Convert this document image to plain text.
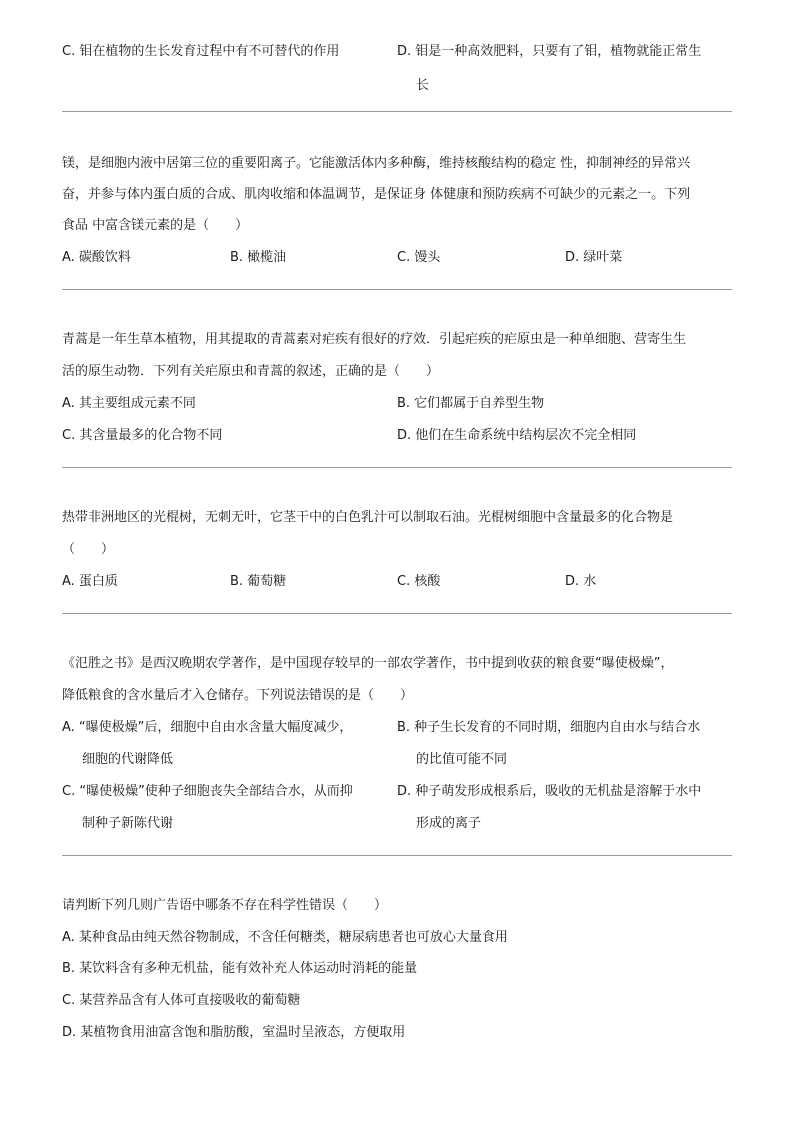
C. 钼在植物的生长发育过程中有不可替代的作用	D. 钼是一种高效肥料，只要有了钼，植物就能正常生
长
镁，是细胞内液中居第三位的重要阳离子。它能激活体内多种酶，维持核酸结构的稳定 性，抑制神经的异常兴
奋，并参与体内蛋白质的合成、肌肉收缩和体温调节，是保证身 体健康和预防疾病不可缺少的元素之一。下列
食品 中富含镁元素的是（　　）
A. 碳酸饮料	B. 橄榄油	C. 馒头	D. 绿叶菜
青蒿是一年生草本植物，用其提取的青蒿素对疟疾有很好的疗效．引起疟疾的疟原虫是一种单细胞、营寄生生
活的原生动物．下列有关疟原虫和青蒿的叙述，正确的是（　　）
A. 其主要组成元素不同	B. 它们都属于自养型生物
C. 其含量最多的化合物不同	D. 他们在生命系统中结构层次不完全相同
热带非洲地区的光棍树，无刺无叶，它茎干中的白色乳汁可以制取石油。光棍树细胞中含量最多的化合物是
（　　）
A. 蛋白质	B. 葡萄糖	C. 核酸	D. 水
《氾胜之书》是西汉晚期农学著作，是中国现存较早的一部农学著作，书中提到收获的粮食要“曝使极燥”，
降低粮食的含水量后才入仓储存。下列说法错误的是（　　）
A. “曝使极燥”后，细胞中自由水含量大幅度减少，
细胞的代谢降低
B. 种子生长发育的不同时期，细胞内自由水与结合水
的比值可能不同
C. “曝使极燥”使种子细胞丧失全部结合水，从而抑
制种子新陈代谢
D. 种子萌发形成根系后，吸收的无机盐是溶解于水中
形成的离子
请判断下列几则广告语中哪条不存在科学性错误（　　）
A. 某种食品由纯天然谷物制成，不含任何糖类，糖尿病患者也可放心大量食用
B. 某饮料含有多种无机盐，能有效补充人体运动时消耗的能量
C. 某营养品含有人体可直接吸收的葡萄糖
D. 某植物食用油富含饱和脂肪酸，室温时呈液态，方便取用
